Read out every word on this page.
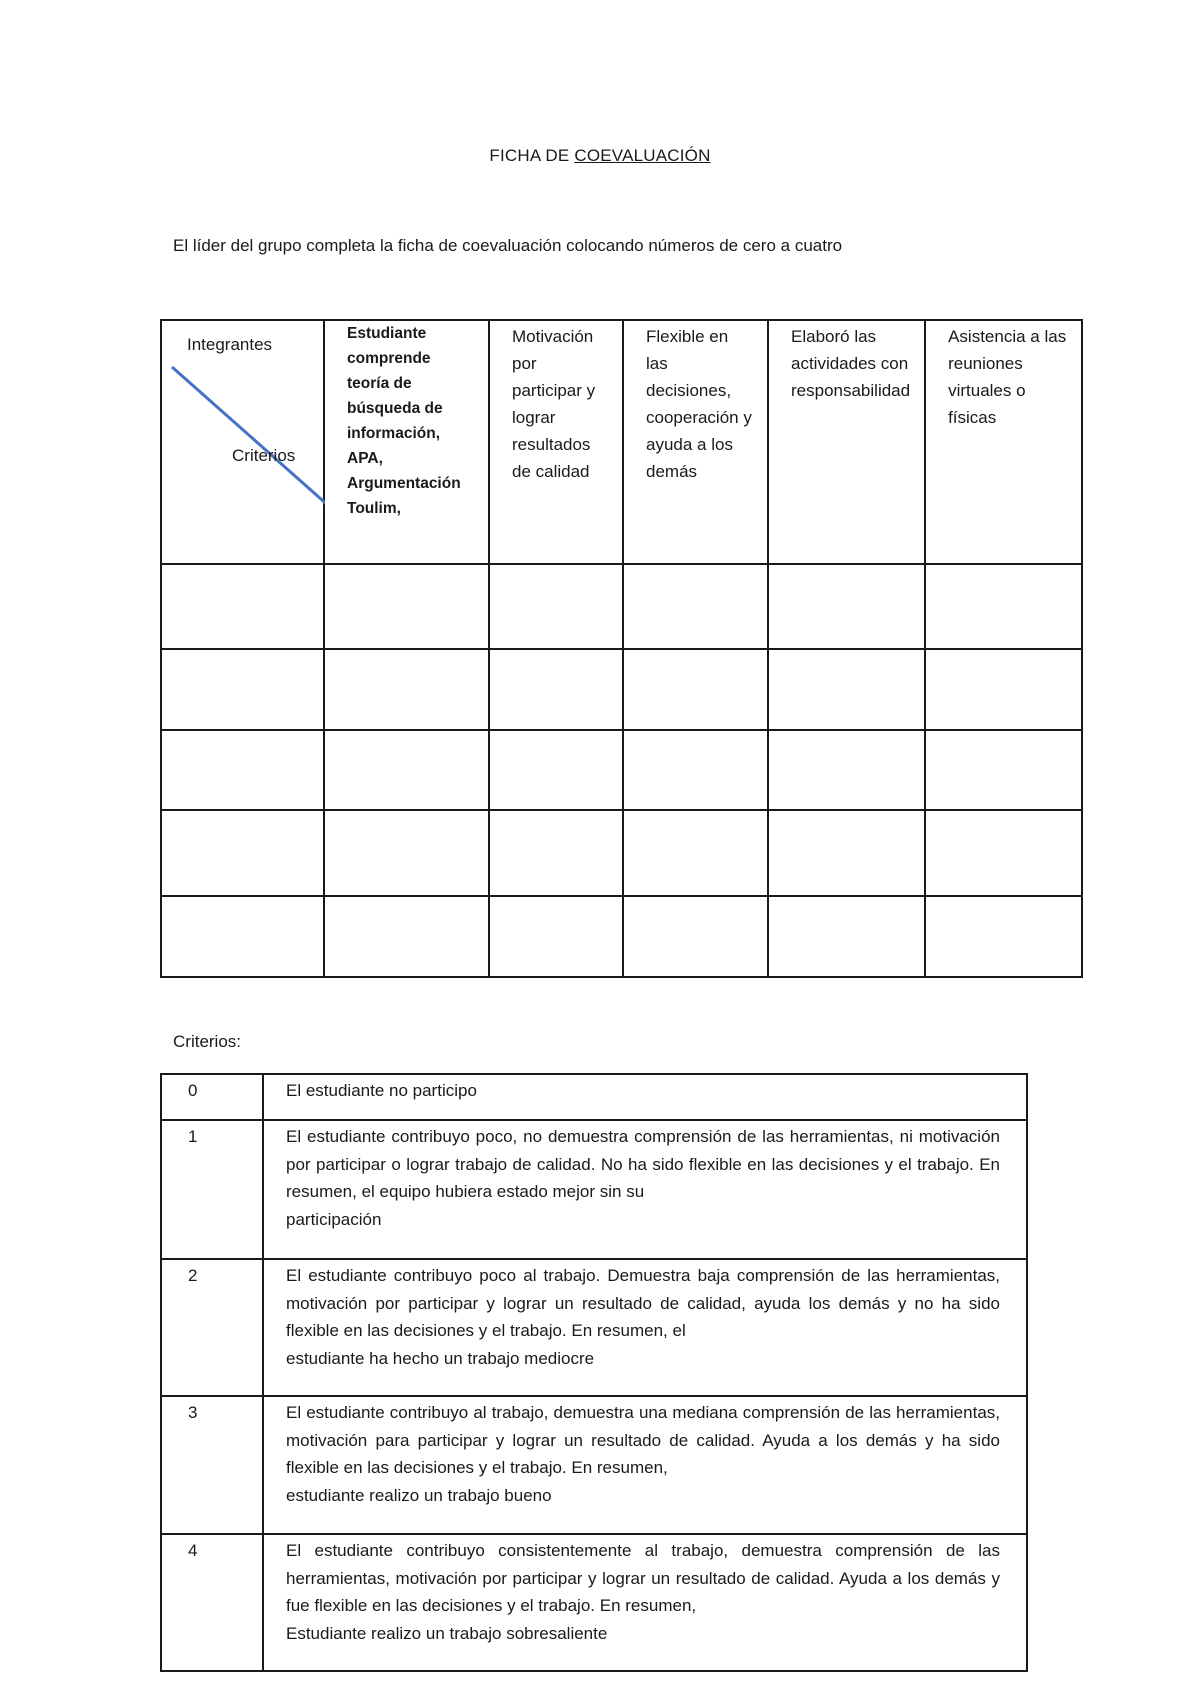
FICHA DE COEVALUACIÓN
El líder del grupo completa la ficha de coevaluación colocando números de cero a cuatro
Integrantes
Criterios	Estudiante comprende teoría de búsqueda de información, APA, Argumentación Toulim,	Motivación por participar y lograr resultados de calidad	Flexible en las decisiones, cooperación y ayuda a los demás	Elaboró las actividades con responsabilidad	Asistencia a las reuniones virtuales o físicas

Criterios:
0	El estudiante no participo
1	El estudiante contribuyo poco, no demuestra comprensión de las herramientas, ni motivación por participar o lograr trabajo de calidad. No ha sido flexible en las decisiones y el trabajo. En resumen, el equipo hubiera estado mejor sin su
participación

2	El estudiante contribuyo poco al trabajo. Demuestra baja comprensión de las herramientas, motivación por participar y lograr un resultado de calidad, ayuda los demás y no ha sido flexible en las decisiones y el trabajo. En resumen, el
estudiante ha hecho un trabajo mediocre

3	El estudiante contribuyo al trabajo, demuestra una mediana comprensión de las herramientas, motivación para participar y lograr un resultado de calidad. Ayuda a los demás y ha sido flexible en las decisiones y el trabajo. En resumen,
estudiante realizo un trabajo bueno

4	El estudiante contribuyo consistentemente al trabajo, demuestra comprensión de las herramientas, motivación por participar y lograr un resultado de calidad. Ayuda a los demás y fue flexible en las decisiones y el trabajo. En resumen,
Estudiante realizo un trabajo sobresaliente
